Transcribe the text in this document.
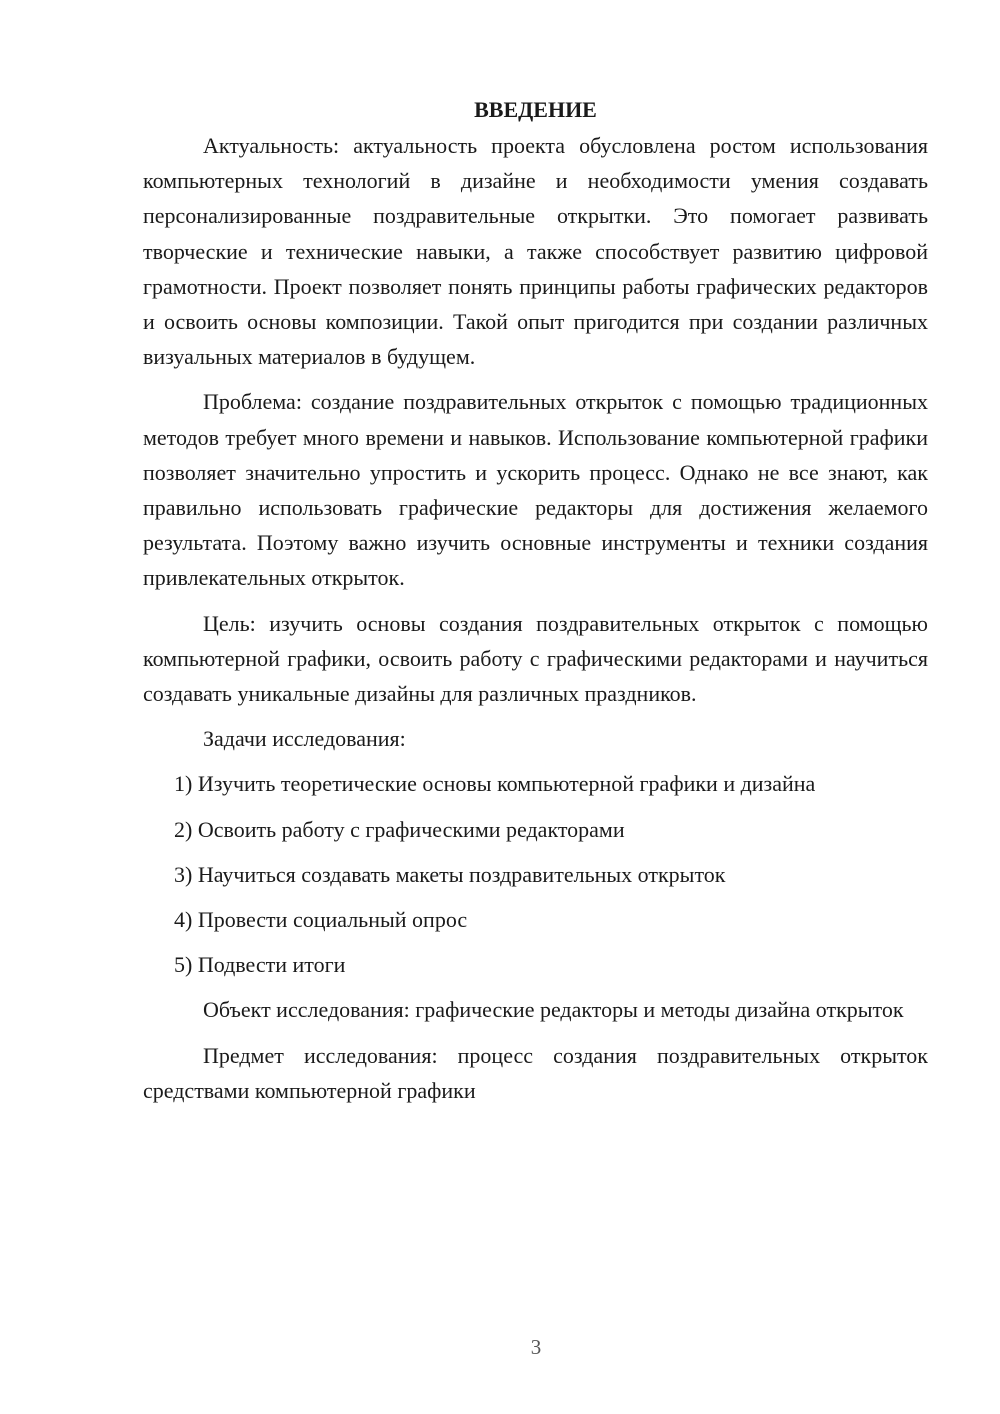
ВВЕДЕНИЕ

Актуальность: актуальность проекта обусловлена ростом использования компьютерных технологий в дизайне и необходимости умения создавать персонализированные поздравительные открытки. Это помогает развивать творческие и технические навыки, а также способствует развитию цифровой грамотности. Проект позволяет понять принципы работы графических редакторов и освоить основы композиции. Такой опыт пригодится при создании различных визуальных материалов в будущем.

Проблема: создание поздравительных открыток с помощью традиционных методов требует много времени и навыков. Использование компьютерной графики позволяет значительно упростить и ускорить процесс. Однако не все знают, как правильно использовать графические редакторы для достижения желаемого результата. Поэтому важно изучить основные инструменты и техники создания привлекательных открыток.

Цель: изучить основы создания поздравительных открыток с помощью компьютерной графики, освоить работу с графическими редакторами и научиться создавать уникальные дизайны для различных праздников.

Задачи исследования:

1) Изучить теоретические основы компьютерной графики и дизайна
2) Освоить работу с графическими редакторами
3) Научиться создавать макеты поздравительных открыток
4) Провести социальный опрос
5) Подвести итоги

Объект исследования: графические редакторы и методы дизайна открыток

Предмет исследования: процесс создания поздравительных открыток средствами компьютерной графики

3
